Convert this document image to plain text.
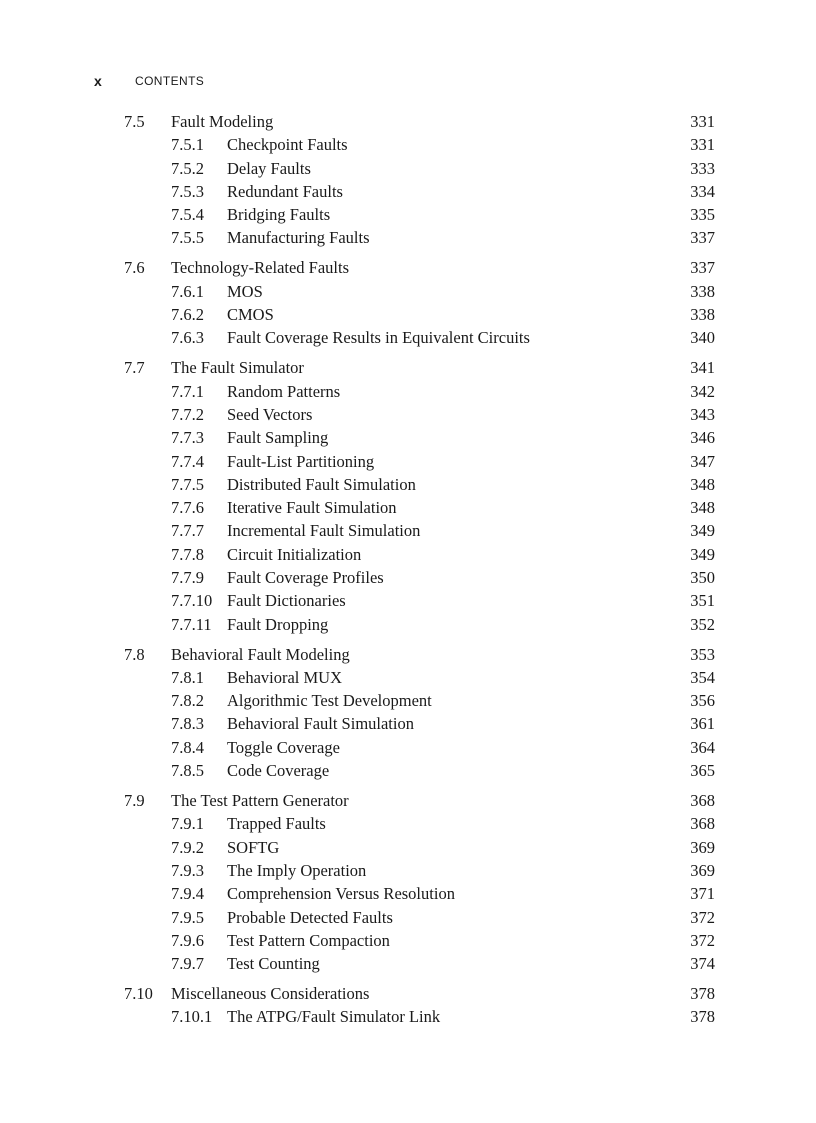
x	CONTENTS
7.5 Fault Modeling	331
7.5.1 Checkpoint Faults	331
7.5.2 Delay Faults	333
7.5.3 Redundant Faults	334
7.5.4 Bridging Faults	335
7.5.5 Manufacturing Faults	337
7.6 Technology-Related Faults	337
7.6.1 MOS	338
7.6.2 CMOS	338
7.6.3 Fault Coverage Results in Equivalent Circuits	340
7.7 The Fault Simulator	341
7.7.1 Random Patterns	342
7.7.2 Seed Vectors	343
7.7.3 Fault Sampling	346
7.7.4 Fault-List Partitioning	347
7.7.5 Distributed Fault Simulation	348
7.7.6 Iterative Fault Simulation	348
7.7.7 Incremental Fault Simulation	349
7.7.8 Circuit Initialization	349
7.7.9 Fault Coverage Profiles	350
7.7.10 Fault Dictionaries	351
7.7.11 Fault Dropping	352
7.8 Behavioral Fault Modeling	353
7.8.1 Behavioral MUX	354
7.8.2 Algorithmic Test Development	356
7.8.3 Behavioral Fault Simulation	361
7.8.4 Toggle Coverage	364
7.8.5 Code Coverage	365
7.9 The Test Pattern Generator	368
7.9.1 Trapped Faults	368
7.9.2 SOFTG	369
7.9.3 The Imply Operation	369
7.9.4 Comprehension Versus Resolution	371
7.9.5 Probable Detected Faults	372
7.9.6 Test Pattern Compaction	372
7.9.7 Test Counting	374
7.10 Miscellaneous Considerations	378
7.10.1 The ATPG/Fault Simulator Link	378
